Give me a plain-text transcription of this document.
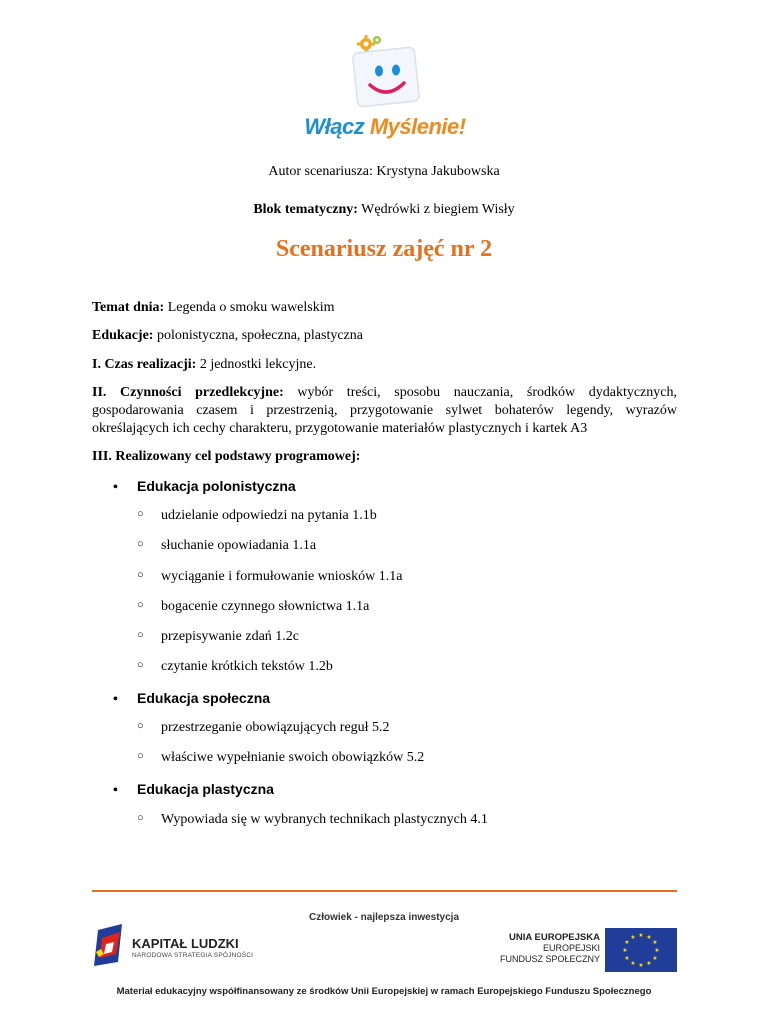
Włącz Myślenie!
Autor scenariusza: Krystyna Jakubowska
Blok tematyczny: Wędrówki z biegiem Wisły
Scenariusz zajęć nr 2
Temat dnia: Legenda o smoku wawelskim
Edukacje: polonistyczna, społeczna, plastyczna
I. Czas realizacji: 2 jednostki lekcyjne.
II. Czynności przedlekcyjne: wybór treści, sposobu nauczania, środków dydaktycznych, gospodarowania czasem i przestrzenią, przygotowanie sylwet bohaterów legendy, wyrazów określających ich cechy charakteru, przygotowanie materiałów plastycznych i kartek A3
III. Realizowany cel podstawy programowej:
• Edukacja polonistyczna
○ udzielanie odpowiedzi na pytania 1.1b
○ słuchanie opowiadania 1.1a
○ wyciąganie i formułowanie wniosków 1.1a
○ bogacenie czynnego słownictwa 1.1a
○ przepisywanie zdań 1.2c
○ czytanie krótkich tekstów 1.2b
• Edukacja społeczna
○ przestrzeganie obowiązujących reguł 5.2
○ właściwe wypełnianie swoich obowiązków 5.2
• Edukacja plastyczna
○ Wypowiada się w wybranych technikach plastycznych 4.1
Człowiek - najlepsza inwestycja
KAPITAŁ LUDZKI
NARODOWA STRATEGIA SPÓJNOŚCI
UNIA EUROPEJSKA
EUROPEJSKI
FUNDUSZ SPOŁECZNY
★ ★
★
★
★
★
★
★
★
★
★
★
Materiał edukacyjny współfinansowany ze środków Unii Europejskiej w ramach Europejskiego Funduszu Społecznego
